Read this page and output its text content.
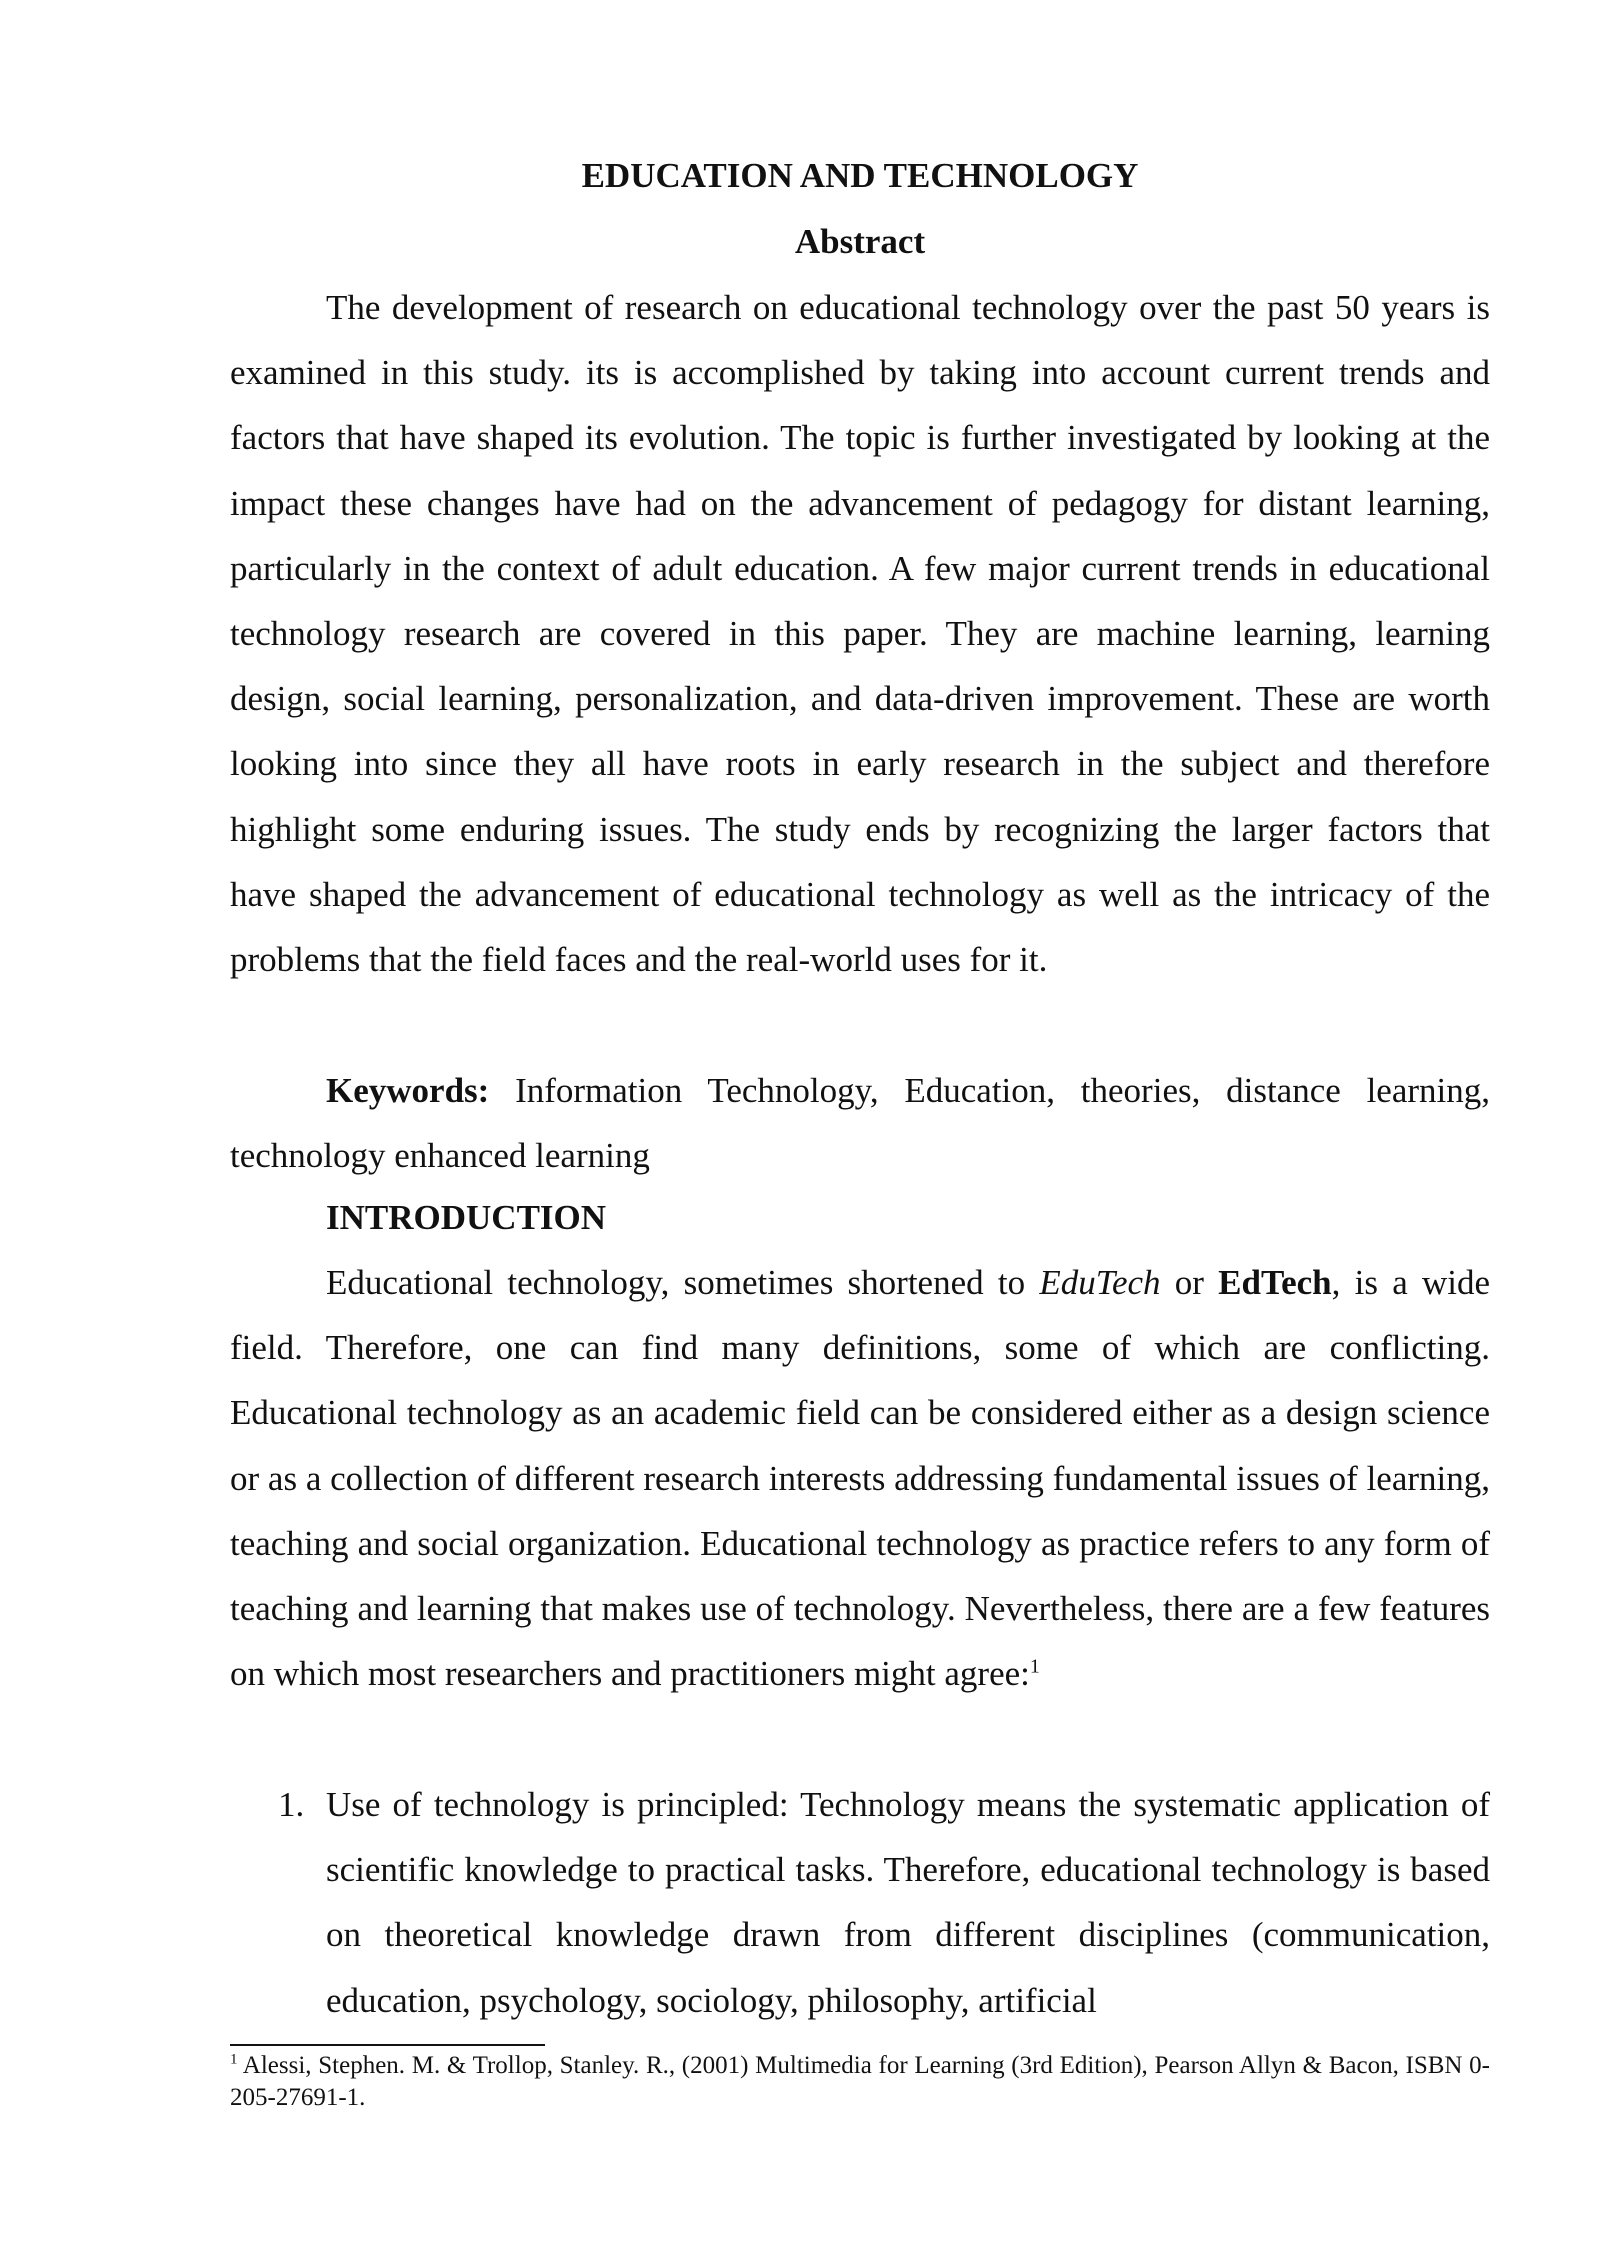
EDUCATION AND TECHNOLOGY
Abstract

The development of research on educational technology over the past 50 years is examined in this study. its is accomplished by taking into account current trends and factors that have shaped its evolution. The topic is further investigated by looking at the impact these changes have had on the advancement of pedagogy for distant learning, particularly in the context of adult education. A few major current trends in educational technology research are covered in this paper. They are machine learning, learning design, social learning, personalization, and data-driven improvement. These are worth looking into since they all have roots in early research in the subject and therefore highlight some enduring issues. The study ends by recognizing the larger factors that have shaped the advancement of educational technology as well as the intricacy of the problems that the field faces and the real-world uses for it.

Keywords: Information Technology, Education, theories, distance learning, technology enhanced learning

INTRODUCTION

Educational technology, sometimes shortened to EduTech or EdTech, is a wide field. Therefore, one can find many definitions, some of which are conflicting. Educational technology as an academic field can be considered either as a design science or as a collection of different research interests addressing fundamental issues of learning, teaching and social organization. Educational technology as practice refers to any form of teaching and learning that makes use of technology. Nevertheless, there are a few features on which most researchers and practitioners might agree:$^1$

1. Use of technology is principled: Technology means the systematic application of scientific knowledge to practical tasks. Therefore, educational technology is based on theoretical knowledge drawn from different disciplines (communication, education, psychology, sociology, philosophy, artificial
$^1$ Alessi, Stephen. M. & Trollop, Stanley. R., (2001) Multimedia for Learning (3rd Edition), Pearson Allyn & Bacon, ISBN 0-205-27691-1.
